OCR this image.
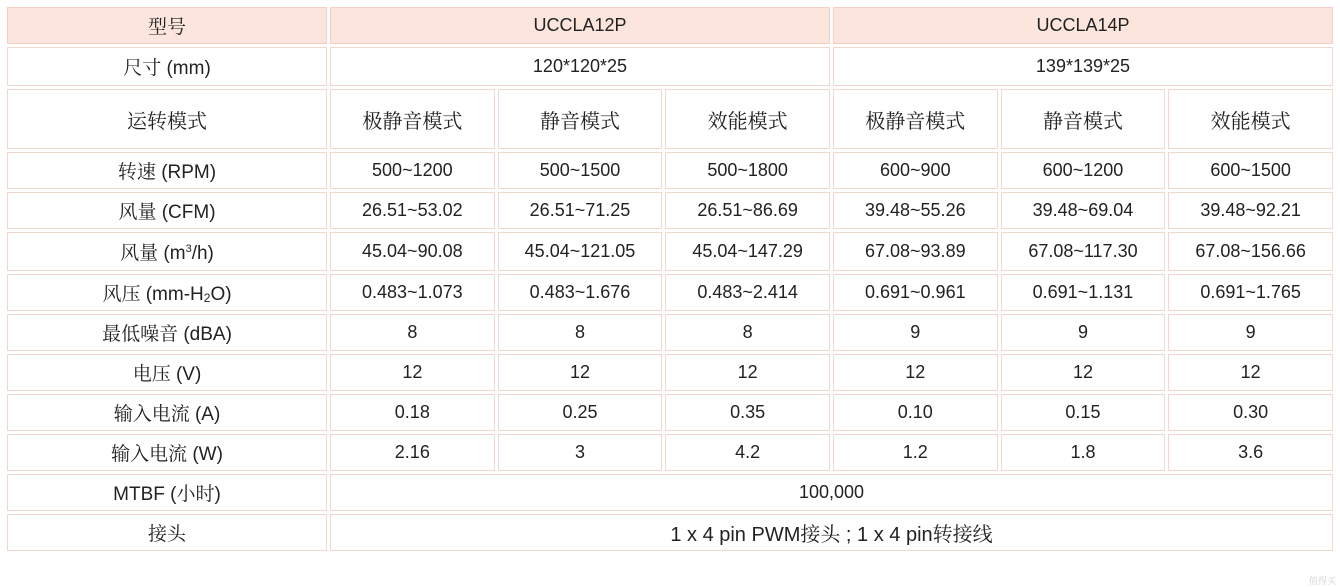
型号	UCCLA12P			UCCLA14P		
尺寸 (mm)	120*120*25			139*139*25		
运转模式	极静音模式	静音模式	效能模式	极静音模式	静音模式	效能模式
转速 (RPM)	500~1200	500~1500	500~1800	600~900	600~1200	600~1500
风量 (CFM)	26.51~53.02	26.51~71.25	26.51~86.69	39.48~55.26	39.48~69.04	39.48~92.21
风量 $(m^3/h)$	45.04~90.08	45.04~121.05	45.04~147.29	67.08~93.89	67.08~117.30	67.08~156.66
风压 $(mm-H_2O)$	0.483~1.073	0.483~1.676	0.483~2.414	0.691~0.961	0.691~1.131	0.691~1.765
最低噪音 (dBA)	8	8	8	9	9	9
电压 (V)	12	12	12	12	12	12
输入电流 (A)	0.18	0.25	0.35	0.10	0.15	0.30
输入电流 (W)	2.16	3	4.2	1.2	1.8	3.6
MTBF (小时)	100,000					
接头	1 x 4 pin PWM接头 ; 1 x 4 pin转接线					
值得买
